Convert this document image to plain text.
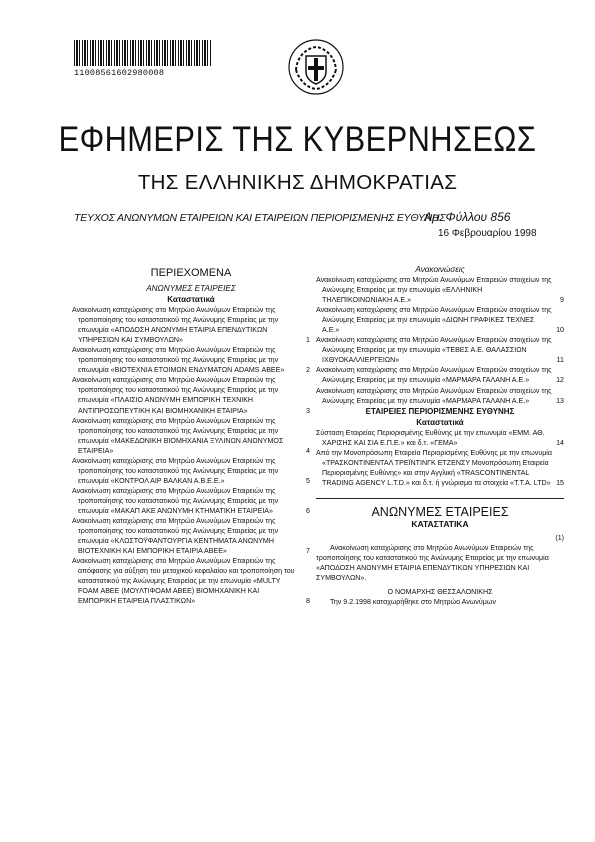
11008561602980008
ΕΦΗΜΕΡΙΣ ΤΗΣ ΚΥΒΕΡΝΗΣΕΩΣ
ΤΗΣ ΕΛΛΗΝΙΚΗΣ ΔΗΜΟΚΡΑΤΙΑΣ
ΤΕΥΧΟΣ ΑΝΩΝΥΜΩΝ ΕΤΑΙΡΕΙΩΝ ΚΑΙ ΕΤΑΙΡΕΙΩΝ ΠΕΡΙΟΡΙΣΜΕΝΗΣ ΕΥΘΥΝΗΣ
Αρ. Φύλλου 856
16 Φεβρουαρίου 1998
ΠΕΡΙΕΧΟΜΕΝΑ
ΑΝΩΝΥΜΕΣ ΕΤΑΙΡΕΙΕΣ
Καταστατικά
Ανακοίνωση καταχώρισης στο Μητρώο Ανωνύμων Εταιρειών της τροποποίησης του καταστατικού της Ανώνυμης Εταιρείας με την επωνυμία «ΑΠΟΔΟΣΗ ΑΝΩΝΥΜΗ ΕΤΑΙΡΙΑ ΕΠΕΝΔΥΤΙΚΩΝ ΥΠΗΡΕΣΙΩΝ ΚΑΙ ΣΥΜΒΟΥΛΩΝ»	1
Ανακοίνωση καταχώρισης στο Μητρώο Ανωνύμων Εταιρειών της τροποποίησης του καταστατικού της Ανώνυμης Εταιρείας με την επωνυμία «ΒΙΟΤΕΧΝΙΑ ΕΤΟΙΜΩΝ ΕΝΔΥΜΑΤΩΝ ADAMS ΑΒΕΕ»	2
Ανακοίνωση καταχώρισης στο Μητρώο Ανωνύμων Εταιρειών της τροποποίησης του καταστατικού της Ανώνυμης Εταιρείας με την επωνυμία «ΠΛΑΙΣΙΟ ΑΝΩΝΥΜΗ ΕΜΠΟΡΙΚΗ ΤΕΧΝΙΚΗ ΑΝΤΙΠΡΟΣΩΠΕΥΤΙΚΗ ΚΑΙ ΒΙΟΜΗΧΑΝΙΚΗ ΕΤΑΙΡΙΑ»	3
Ανακοίνωση καταχώρισης στο Μητρώο Ανωνύμων Εταιρειών της τροποποίησης του καταστατικού της Ανώνυμης Εταιρείας με την επωνυμία «ΜΑΚΕΔΟΝΙΚΗ ΒΙΟΜΗΧΑΝΙΑ ΞΥΛΙΝΩΝ ΑΝΩΝΥΜΟΣ ΕΤΑΙΡΕΙΑ»	4
Ανακοίνωση καταχώρισης στο Μητρώο Ανωνύμων Εταιρειών της τροποποίησης του καταστατικού της Ανώνυμης Εταιρείας με την επωνυμία «ΚΟΝΤΡΟΛ ΑΙΡ ΒΑΛΚΑΝ Α.Β.Ε.Ε.»	5
Ανακοίνωση καταχώρισης στο Μητρώο Ανωνύμων Εταιρειών της τροποποίησης του καταστατικού της Ανώνυμης Εταιρείας με την επωνυμία «ΜΑΚΑΠ ΑΚΕ ΑΝΩΝΥΜΗ ΚΤΗΜΑΤΙΚΗ ΕΤΑΙΡΕΙΑ»	6
Ανακοίνωση καταχώρισης στο Μητρώο Ανωνύμων Εταιρειών της τροποποίησης του καταστατικού της Ανώνυμης Εταιρείας με την επωνυμία «ΚΛΩΣΤΟΫΦΑΝΤΟΥΡΓΙΑ ΚΕΝΤΗΜΑΤΑ ΑΝΩΝΥΜΗ ΒΙΟΤΕΧΝΙΚΗ ΚΑΙ ΕΜΠΟΡΙΚΗ ΕΤΑΙΡΙΑ ΑΒΕΕ»	7
Ανακοίνωση καταχώρισης στο Μητρώο Ανωνύμων Εταιρειών της απόφασης για αύξηση του μετοχικού κεφαλαίου και τροποποίηση του καταστατικού της Ανώνυμης Εταιρείας με την επωνυμία «MULTY FOAM ΑΒΕΕ (ΜΟΥΛΤΙΦΟΑΜ ΑΒΕΕ) ΒΙΟΜΗΧΑΝΙΚΗ ΚΑΙ ΕΜΠΟΡΙΚΗ ΕΤΑΙΡΕΙΑ ΠΛΑΣΤΙΚΩΝ»	8
Ανακοινώσεις
Ανακοίνωση καταχώρισης στο Μητρώο Ανωνύμων Εταιρειών στοιχείων της Ανώνυμης Εταιρείας με την επωνυμία «ΕΛΛΗΝΙΚΗ ΤΗΛΕΠΙΚΟΙΝΩΝΙΑΚΗ Α.Ε.»	9
Ανακοίνωση καταχώρισης στο Μητρώο Ανωνύμων Εταιρειών στοιχείων της Ανώνυμης Εταιρείας με την επωνυμία «ΔΙΩΝΗ ΓΡΑΦΙΚΕΣ ΤΕΧΝΕΣ Α.Ε.»	10
Ανακοίνωση καταχώρισης στο Μητρώο Ανωνύμων Εταιρειών στοιχείων της Ανώνυμης Εταιρείας με την επωνυμία «ΤΕΒΕΣ Α.Ε. ΘΑΛΑΣΣΙΩΝ ΙΧΘΥΟΚΑΛΛΙΕΡΓΕΙΩΝ»	11
Ανακοίνωση καταχώρισης στο Μητρώο Ανωνύμων Εταιρειών στοιχείων της Ανώνυμης Εταιρείας με την επωνυμία «ΜΑΡΜΑΡΑ ΓΑΛΑΝΗ Α.Ε.»	12
Ανακοίνωση καταχώρισης στο Μητρώο Ανωνύμων Εταιρειών στοιχείων της Ανώνυμης Εταιρείας με την επωνυμία «ΜΑΡΜΑΡΑ ΓΑΛΑΝΗ Α.Ε.»	13
ΕΤΑΙΡΕΙΕΣ ΠΕΡΙΟΡΙΣΜΕΝΗΣ ΕΥΘΥΝΗΣ
Καταστατικά
Σύσταση Εταιρείας Περιορισμένης Ευθύνης με την επωνυμία «ΕΜΜ. ΑΘ. ΧΑΡΙΣΗΣ ΚΑΙ ΣΙΑ Ε.Π.Ε.» και δ.τ. «ΓΕΜΑ»	14
Από την Μονοπρόσωπη Εταιρεία Περιορισμένης Ευθύνης με την επωνυμία «ΤΡΑΣΚΟΝΤΙΝΕΝΤΑΛ ΤΡΕΪΝΤΙΝΓΚ ΕΤΖΕΝΣΥ Μονοπρόσωπη Εταιρεία Περιορισμένης Ευθύνης» και στην Αγγλική «TRASCONTINENTAL TRADING AGENCY L.T.D.» και δ.τ. ή γνώρισμα τα στοιχεία «Τ.Τ.Α. LTD» 15
ΑΝΩΝΥΜΕΣ ΕΤΑΙΡΕΙΕΣ
ΚΑΤΑΣΤΑΤΙΚΑ
(1)
Ανακοίνωση καταχώρισης στο Μητρώο Ανωνύμων Εταιρειών της τροποποίησης του καταστατικού της Ανώνυμης Εταιρείας με την επωνυμία «ΑΠΟΔΟΣΗ ΑΝΩΝΥΜΗ ΕΤΑΙΡΙΑ ΕΠΕΝΔΥΤΙΚΩΝ ΥΠΗΡΕΣΙΩΝ ΚΑΙ ΣΥΜΒΟΥΛΩΝ».
Ο ΝΟΜΑΡΧΗΣ ΘΕΣΣΑΛΟΝΙΚΗΣ
Την 9.2.1998 καταχωρήθηκε στο Μητρώο Ανωνύμων
